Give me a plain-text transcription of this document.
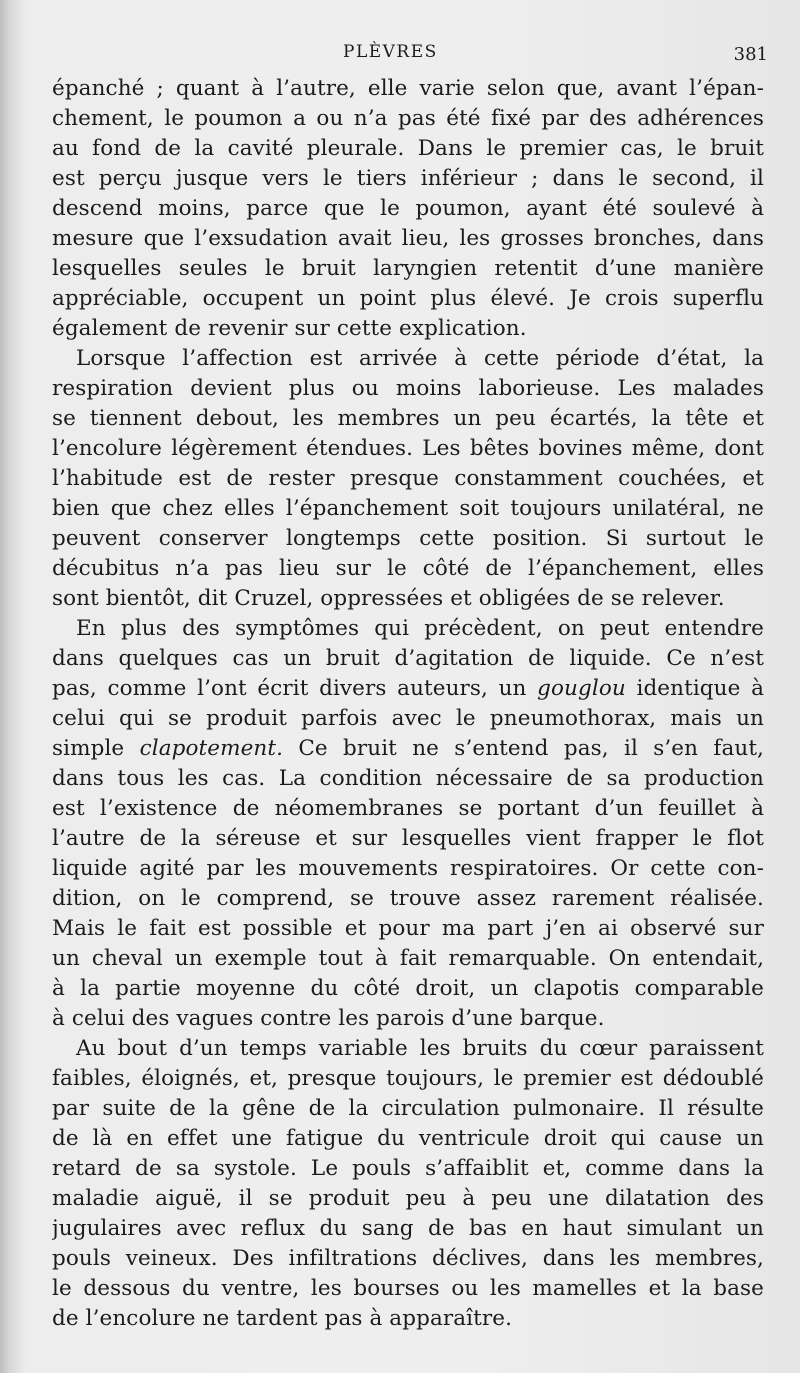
PLÈVRES	381
épanché ; quant à l’autre, elle varie selon que, avant l’épan-
chement, le poumon a ou n’a pas été fixé par des adhérences
au fond de la cavité pleurale. Dans le premier cas, le bruit
est perçu jusque vers le tiers inférieur ; dans le second, il
descend moins, parce que le poumon, ayant été soulevé à
mesure que l’exsudation avait lieu, les grosses bronches, dans
lesquelles seules le bruit laryngien retentit d’une manière
appréciable, occupent un point plus élevé. Je crois superflu
également de revenir sur cette explication.
Lorsque l’affection est arrivée à cette période d’état, la
respiration devient plus ou moins laborieuse. Les malades
se tiennent debout, les membres un peu écartés, la tête et
l’encolure légèrement étendues. Les bêtes bovines même, dont
l’habitude est de rester presque constamment couchées, et
bien que chez elles l’épanchement soit toujours unilatéral, ne
peuvent conserver longtemps cette position. Si surtout le
décubitus n’a pas lieu sur le côté de l’épanchement, elles
sont bientôt, dit Cruzel, oppressées et obligées de se relever.
En plus des symptômes qui précèdent, on peut entendre
dans quelques cas un bruit d’agitation de liquide. Ce n’est
pas, comme l’ont écrit divers auteurs, un gouglou identique à
celui qui se produit parfois avec le pneumothorax, mais un
simple clapotement. Ce bruit ne s’entend pas, il s’en faut,
dans tous les cas. La condition nécessaire de sa production
est l’existence de néomembranes se portant d’un feuillet à
l’autre de la séreuse et sur lesquelles vient frapper le flot
liquide agité par les mouvements respiratoires. Or cette con-
dition, on le comprend, se trouve assez rarement réalisée.
Mais le fait est possible et pour ma part j’en ai observé sur
un cheval un exemple tout à fait remarquable. On entendait,
à la partie moyenne du côté droit, un clapotis comparable
à celui des vagues contre les parois d’une barque.
Au bout d’un temps variable les bruits du cœur paraissent
faibles, éloignés, et, presque toujours, le premier est dédoublé
par suite de la gêne de la circulation pulmonaire. Il résulte
de là en effet une fatigue du ventricule droit qui cause un
retard de sa systole. Le pouls s’affaiblit et, comme dans la
maladie aiguë, il se produit peu à peu une dilatation des
jugulaires avec reflux du sang de bas en haut simulant un
pouls veineux. Des infiltrations déclives, dans les membres,
le dessous du ventre, les bourses ou les mamelles et la base
de l’encolure ne tardent pas à apparaître.
